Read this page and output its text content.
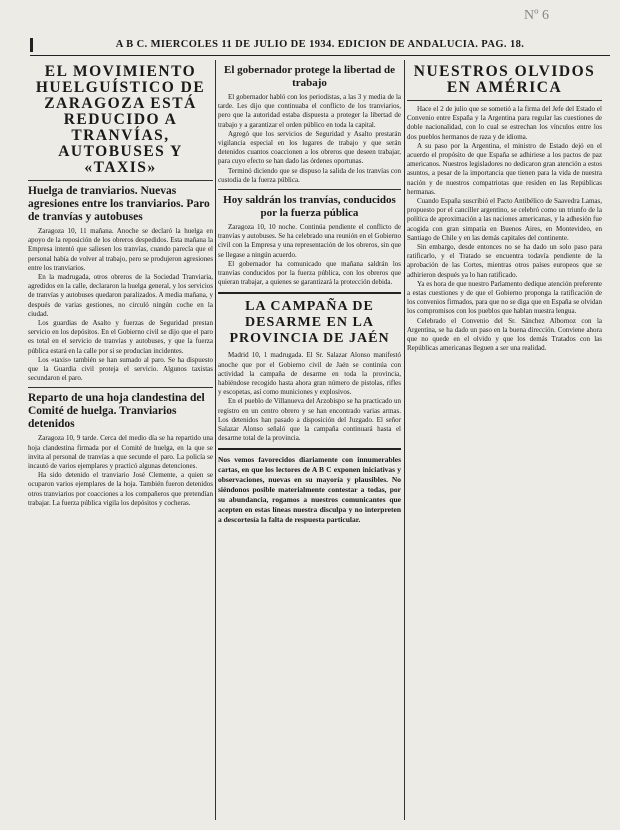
Nº 6
A B C. MIERCOLES 11 DE JULIO DE 1934. EDICION DE ANDALUCIA. PAG. 18.
EL MOVIMIENTO HUELGUÍSTICO DE ZARAGOZA ESTÁ REDUCIDO A TRANVÍAS, AUTOBUSES Y «TAXIS»
Huelga de tranviarios. Nuevas agresiones entre los tranviarios. Paro de tranvías y autobuses

Zaragoza 10, 11 mañana. Anoche se declaró la huelga en apoyo de la reposición de los obreros despedidos. Esta mañana la Empresa intentó que saliesen los tranvías, cuando parecía que el personal había de volver al trabajo, pero se produjeron agresiones entre los tranviarios.

En la madrugada, otros obreros de la Sociedad Tranviaria, agredidos en la calle, declararon la huelga general, y los servicios de tranvías y autobuses quedaron paralizados. A media mañana, y después de varias gestiones, no circuló ningún coche en la ciudad.

Los guardias de Asalto y fuerzas de Seguridad prestan servicio en los depósitos. En el Gobierno civil se dijo que el paro es total en el servicio de tranvías y autobuses, y que la fuerza pública estará en la calle por si se producían incidentes.

Los «taxis» también se han sumado al paro. Se ha dispuesto que la Guardia civil proteja el servicio. Algunos taxistas secundaron el paro.

Reparto de una hoja clandestina del Comité de huelga. Tranviarios detenidos

Zaragoza 10, 9 tarde. Cerca del medio día se ha repartido una hoja clandestina firmada por el Comité de huelga, en la que se invita al personal de tranvías a que secunde el paro. La policía se incautó de varios ejemplares y practicó algunas detenciones.

Ha sido detenido el tranviario José Clemente, a quien se ocuparon varios ejemplares de la hoja. También fueron detenidos otros tranviarios por coacciones a los compañeros que pretendían trabajar. La fuerza pública vigila los depósitos y cocheras.

El gobernador protege la libertad de trabajo

El gobernador habló con los periodistas, a las 3 y media de la tarde. Les dijo que continuaba el conflicto de los tranviarios, pero que la autoridad estaba dispuesta a proteger la libertad de trabajo y a garantizar el orden público en toda la capital.

Agregó que los servicios de Seguridad y Asalto prestarán vigilancia especial en los lugares de trabajo y que serán detenidos cuantos coaccionen a los obreros que deseen trabajar, para cuyo efecto se han dado las órdenes oportunas.

Terminó diciendo que se dispuso la salida de los tranvías con custodia de la fuerza pública.

Hoy saldrán los tranvías, conducidos por la fuerza pública

Zaragoza 10, 10 noche. Continúa pendiente el conflicto de tranvías y autobuses. Se ha celebrado una reunión en el Gobierno civil con la Empresa y una representación de los obreros, sin que se llegase a ningún acuerdo.

El gobernador ha comunicado que mañana saldrán los tranvías conducidos por la fuerza pública, con los obreros que quieran trabajar, a quienes se garantizará la protección debida.

LA CAMPAÑA DE DESARME EN LA PROVINCIA DE JAÉN

Madrid 10, 1 madrugada. El Sr. Salazar Alonso manifestó anoche que por el Gobierno civil de Jaén se continúa con actividad la campaña de desarme en toda la provincia, habiéndose recogido hasta ahora gran número de pistolas, rifles y escopetas, así como municiones y explosivos.

En el pueblo de Villanueva del Arzobispo se ha practicado un registro en un centro obrero y se han encontrado varias armas. Los detenidos han pasado a disposición del Juzgado. El señor Salazar Alonso señaló que la campaña continuará hasta el desarme total de la provincia.

Nos vemos favorecidos diariamente con innumerables cartas, en que los lectores de A B C exponen iniciativas y observaciones, nuevas en su mayoría y plausibles. No siéndonos posible materialmente contestar a todas, por su abundancia, rogamos a nuestros comunicantes que acepten en estas líneas nuestra disculpa y no interpreten a descortesía la falta de respuesta particular.

NUESTROS OLVIDOS EN AMÉRICA

Hace el 2 de julio que se sometió a la firma del Jefe del Estado el Convenio entre España y la Argentina para regular las cuestiones de doble nacionalidad, con lo cual se estrechan los vínculos entre los dos pueblos hermanos de raza y de idioma.

A su paso por la Argentina, el ministro de Estado dejó en el acuerdo el propósito de que España se adhiriese a los pactos de paz americanos. Nuestros legisladores no dedicaron gran atención a estos asuntos, a pesar de la importancia que tienen para la vida de nuestra nación y de nuestros compatriotas que residen en las Repúblicas hermanas.

Cuando España suscribió el Pacto Antibélico de Saavedra Lamas, propuesto por el canciller argentino, se celebró como un triunfo de la política de aproximación a las naciones americanas, y la adhesión fue acogida con gran simpatía en Buenos Aires, en Montevideo, en Santiago de Chile y en las demás capitales del continente.

Sin embargo, desde entonces no se ha dado un solo paso para ratificarlo, y el Tratado se encuentra todavía pendiente de la aprobación de las Cortes, mientras otros países europeos que se adhirieron después ya lo han ratificado.

Ya es hora de que nuestro Parlamento dedique atención preferente a estas cuestiones y de que el Gobierno proponga la ratificación de los convenios firmados, para que no se diga que en España se olvidan los compromisos con los pueblos que hablan nuestra lengua.

Celebrado el Convenio del Sr. Sánchez Albornoz con la Argentina, se ha dado un paso en la buena dirección. Conviene ahora que no quede en el olvido y que los demás Tratados con las Repúblicas americanas lleguen a ser una realidad.
